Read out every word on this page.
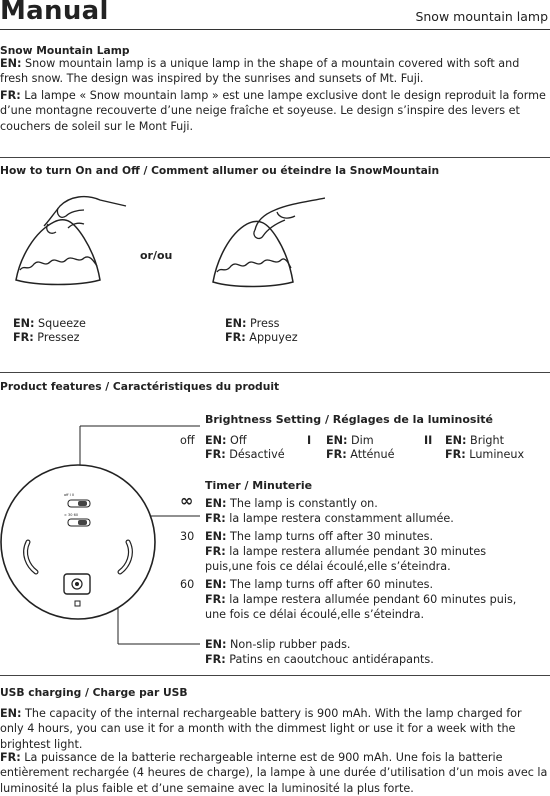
Manual	Snow mountain lamp
Snow Mountain Lamp
EN: Snow mountain lamp is a unique lamp in the shape of a mountain covered with soft and fresh snow. The design was inspired by the sunrises and sunsets of Mt. Fuji.
FR: La lampe « Snow mountain lamp » est une lampe exclusive dont le design reproduit la forme d’une montagne recouverte d’une neige fraîche et soyeuse. Le design s’inspire des levers et couchers de soleil sur le Mont Fuji.
How to turn On and Off / Comment allumer ou éteindre la SnowMountain
or/ou
EN: Squeeze
FR: Pressez
EN: Press
FR: Appuyez
Product features / Caractéristiques du produit
off I II
∞ 30 60
Brightness Setting / Réglages de la luminosité
off EN: Off
FR: Désactivé
I EN: Dim
FR: Atténué
II EN: Bright
FR: Lumineux
Timer / Minuterie
∞ EN: The lamp is constantly on.
FR: la lampe restera constamment allumée.
30 EN: The lamp turns off after 30 minutes.
FR: la lampe restera allumée pendant 30 minutes
puis,une fois ce délai écoulé,elle s’éteindra.
60 EN: The lamp turns off after 60 minutes.
FR: la lampe restera allumée pendant 60 minutes puis,
une fois ce délai écoulé,elle s’éteindra.
EN: Non-slip rubber pads.
FR: Patins en caoutchouc antidérapants.
USB charging / Charge par USB
EN: The capacity of the internal rechargeable battery is 900 mAh. With the lamp charged for only 4 hours, you can use it for a month with the dimmest light or use it for a week with the brightest light.
FR: La puissance de la batterie rechargeable interne est de 900 mAh. Une fois la batterie entièrement rechargée (4 heures de charge), la lampe à une durée d’utilisation d’un mois avec la luminosité la plus faible et d’une semaine avec la luminosité la plus forte.
